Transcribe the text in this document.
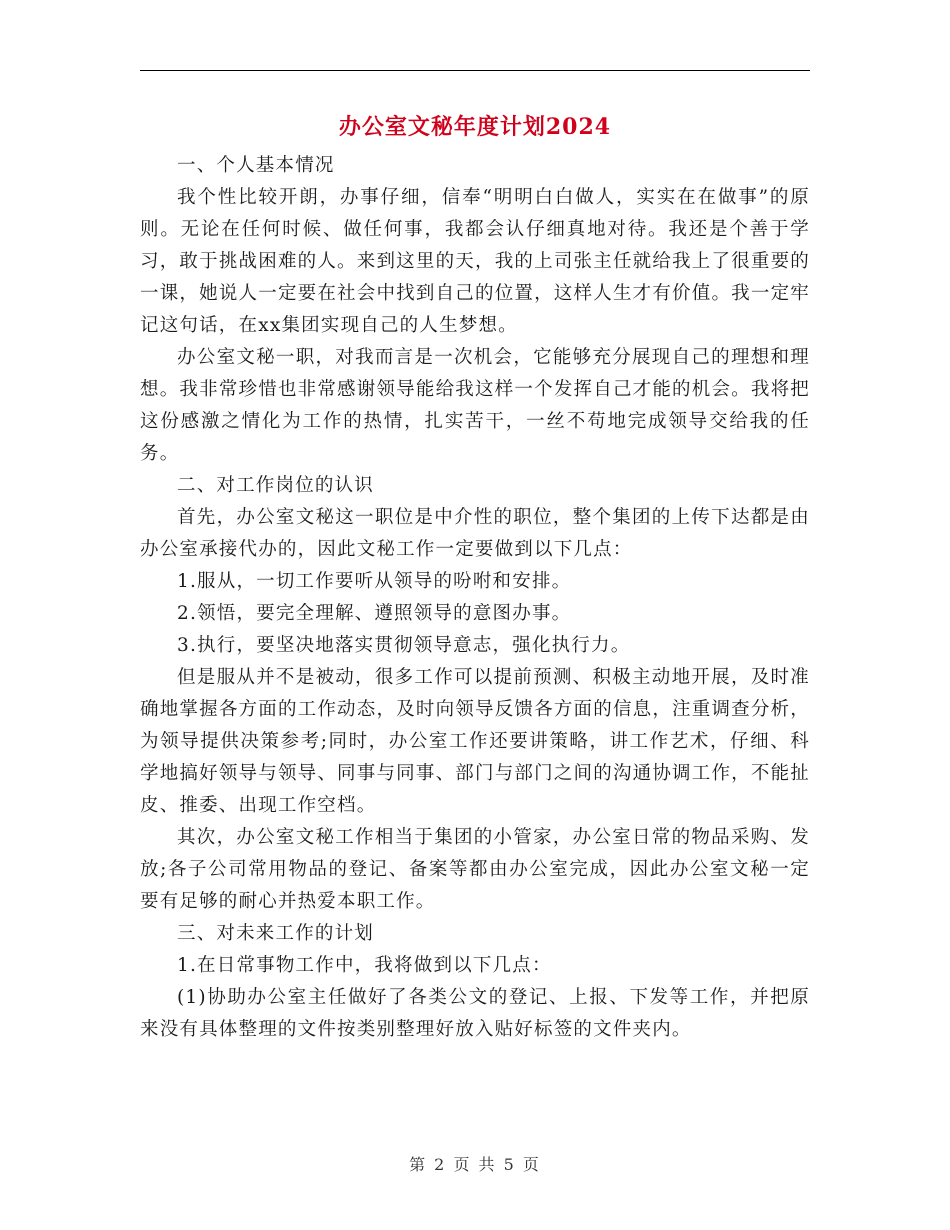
办公室文秘年度计划2024

一、个人基本情况

我个性比较开朗，办事仔细，信奉“明明白白做人，实实在在做事”的原则。无论在任何时候、做任何事，我都会认仔细真地对待。我还是个善于学习，敢于挑战困难的人。来到这里的天，我的上司张主任就给我上了很重要的一课，她说人一定要在社会中找到自己的位置，这样人生才有价值。我一定牢记这句话，在xx集团实现自己的人生梦想。

办公室文秘一职，对我而言是一次机会，它能够充分展现自己的理想和理想。我非常珍惜也非常感谢领导能给我这样一个发挥自己才能的机会。我将把这份感激之情化为工作的热情，扎实苦干，一丝不苟地完成领导交给我的任务。

二、对工作岗位的认识

首先，办公室文秘这一职位是中介性的职位，整个集团的上传下达都是由办公室承接代办的，因此文秘工作一定要做到以下几点：

1.服从，一切工作要听从领导的吩咐和安排。

2.领悟，要完全理解、遵照领导的意图办事。

3.执行，要坚决地落实贯彻领导意志，强化执行力。

但是服从并不是被动，很多工作可以提前预测、积极主动地开展，及时准确地掌握各方面的工作动态，及时向领导反馈各方面的信息，注重调查分析，为领导提供决策参考;同时，办公室工作还要讲策略，讲工作艺术，仔细、科学地搞好领导与领导、同事与同事、部门与部门之间的沟通协调工作，不能扯皮、推委、出现工作空档。

其次，办公室文秘工作相当于集团的小管家，办公室日常的物品采购、发放;各子公司常用物品的登记、备案等都由办公室完成，因此办公室文秘一定要有足够的耐心并热爱本职工作。

三、对未来工作的计划

1.在日常事物工作中，我将做到以下几点：

(1)协助办公室主任做好了各类公文的登记、上报、下发等工作，并把原来没有具体整理的文件按类别整理好放入贴好标签的文件夹内。

第 2 页 共 5 页
